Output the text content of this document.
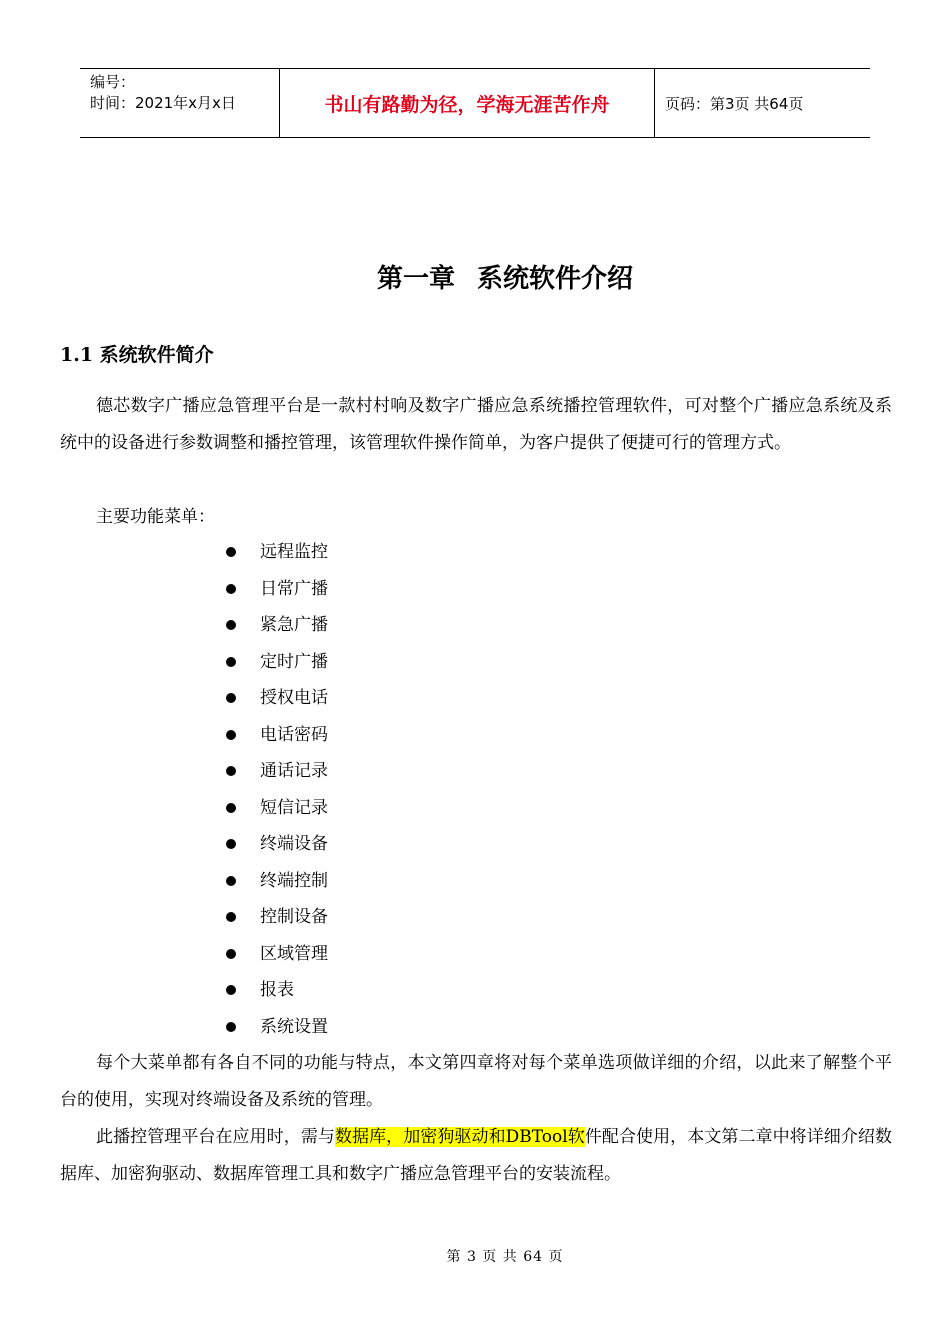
编号：
时间：2021年x月x日	书山有路勤为径，学海无涯苦作舟	页码：第3页 共64页
第一章 系统软件介绍
1.1 系统软件简介

德芯数字广播应急管理平台是一款村村响及数字广播应急系统播控管理软件，可对整个广播应急系统及系统中的设备进行参数调整和播控管理，该管理软件操作简单，为客户提供了便捷可行的管理方式。

主要功能菜单：

远程监控
日常广播
紧急广播
定时广播
授权电话
电话密码
通话记录
短信记录
终端设备
终端控制
控制设备
区域管理
报表
系统设置

每个大菜单都有各自不同的功能与特点，本文第四章将对每个菜单选项做详细的介绍，以此来了解整个平台的使用，实现对终端设备及系统的管理。

此播控管理平台在应用时，需与数据库，加密狗驱动和DBTool软件配合使用，本文第二章中将详细介绍数据库、加密狗驱动、数据库管理工具和数字广播应急管理平台的安装流程。

第 3 页 共 64 页
